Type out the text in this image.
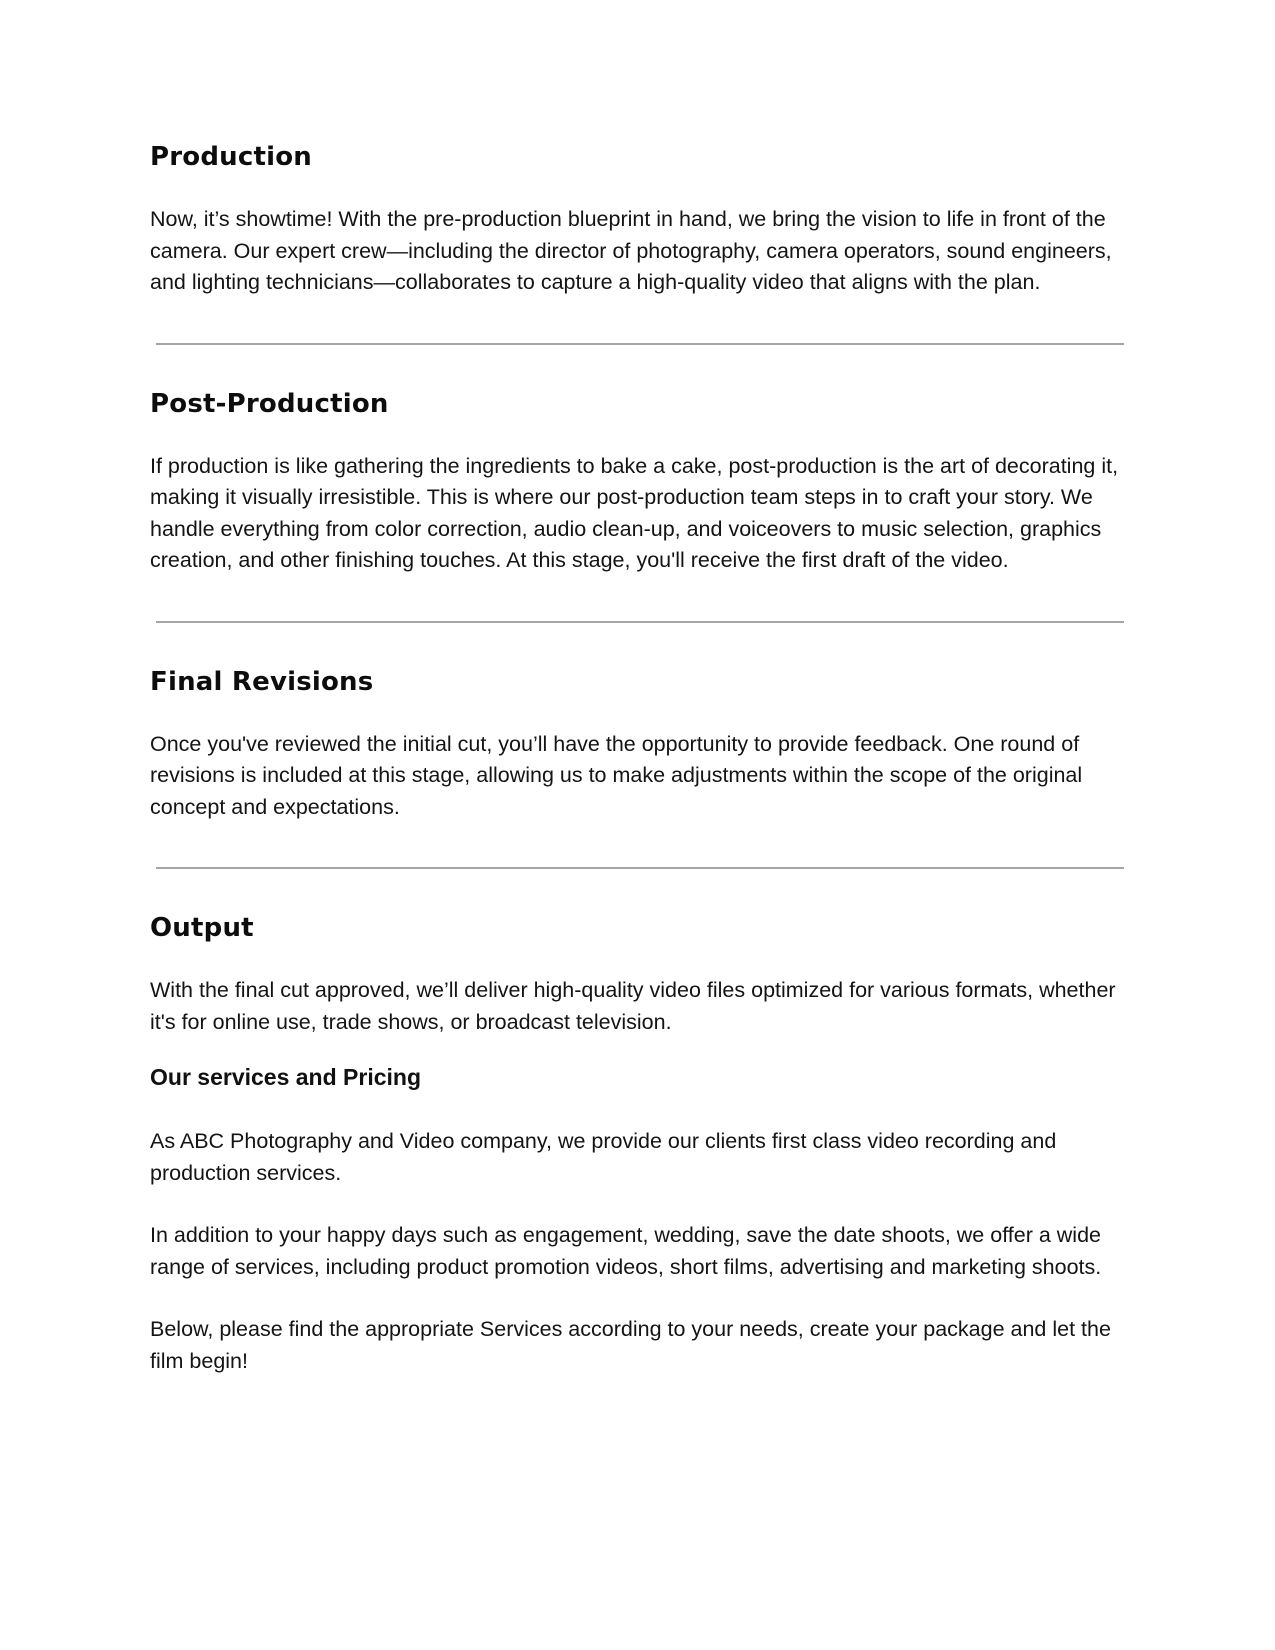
Production

Now, it’s showtime! With the pre-production blueprint in hand, we bring the vision to life in front of the camera. Our expert crew—including the director of photography, camera operators, sound engineers, and lighting technicians—collaborates to capture a high-quality video that aligns with the plan.

Post-Production

If production is like gathering the ingredients to bake a cake, post-production is the art of decorating it, making it visually irresistible. This is where our post-production team steps in to craft your story. We handle everything from color correction, audio clean-up, and voiceovers to music selection, graphics creation, and other finishing touches. At this stage, you'll receive the first draft of the video.

Final Revisions

Once you've reviewed the initial cut, you’ll have the opportunity to provide feedback. One round of revisions is included at this stage, allowing us to make adjustments within the scope of the original concept and expectations.

Output

With the final cut approved, we’ll deliver high-quality video files optimized for various formats, whether it's for online use, trade shows, or broadcast television.

Our services and Pricing

As ABC Photography and Video company, we provide our clients first class video recording and production services.

In addition to your happy days such as engagement, wedding, save the date shoots, we offer a wide range of services, including product promotion videos, short films, advertising and marketing shoots.

Below, please find the appropriate Services according to your needs, create your package and let the film begin!
